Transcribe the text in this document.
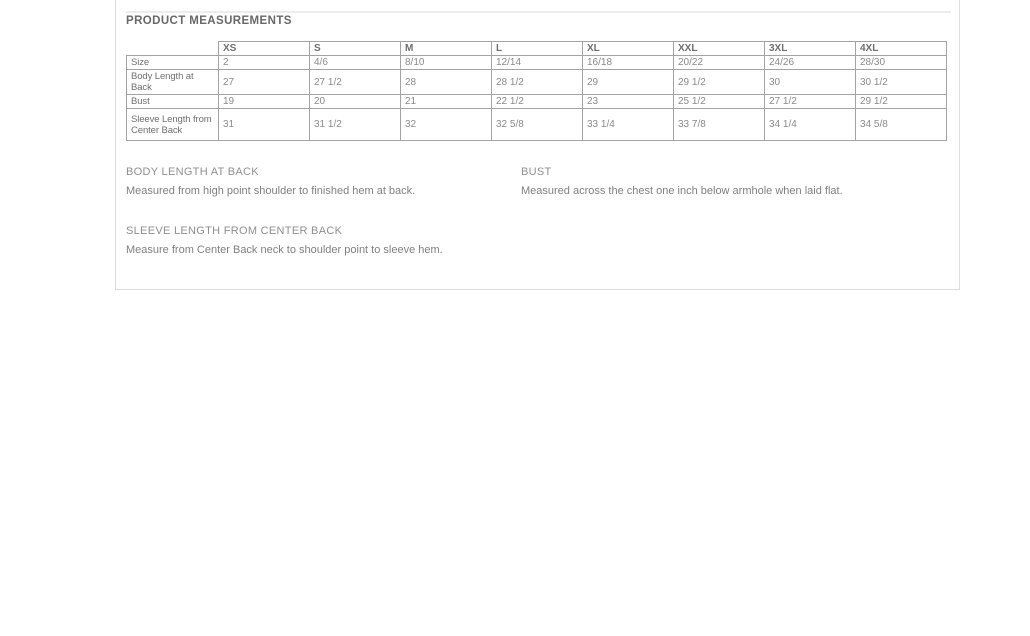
PRODUCT MEASUREMENTS
	XS	S	M	L	XL	XXL	3XL	4XL
Size	2	4/6	8/10	12/14	16/18	20/22	24/26	28/30
Body Length at Back	27	27 1/2	28	28 1/2	29	29 1/2	30	30 1/2
Bust	19	20	21	22 1/2	23	25 1/2	27 1/2	29 1/2
Sleeve Length from Center Back	31	31 1/2	32	32 5/8	33 1/4	33 7/8	34 1/4	34 5/8
BODY LENGTH AT BACK
Measured from high point shoulder to finished hem at back.
BUST
Measured across the chest one inch below armhole when laid flat.
SLEEVE LENGTH FROM CENTER BACK
Measure from Center Back neck to shoulder point to sleeve hem.
